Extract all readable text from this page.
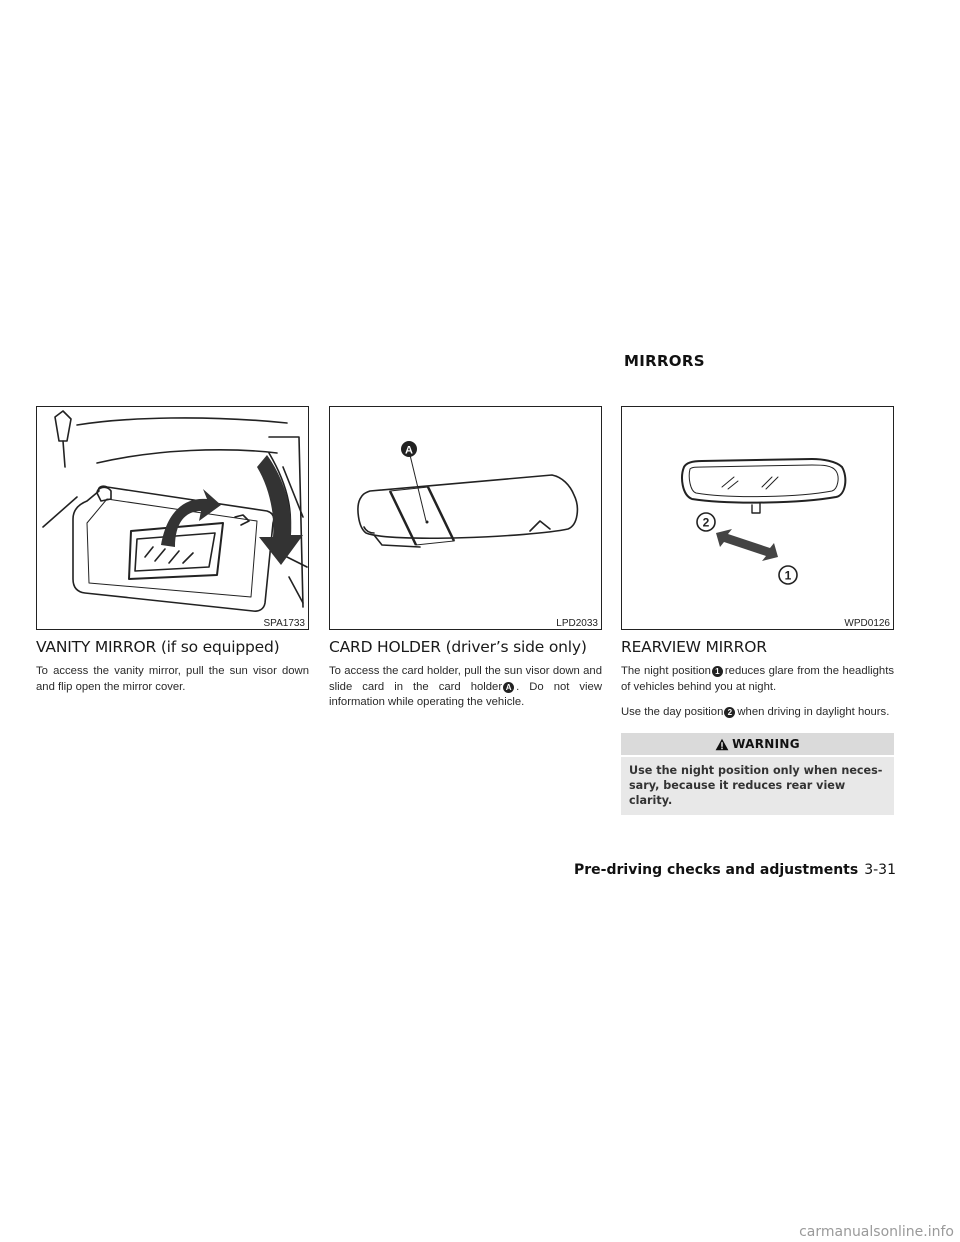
MIRRORS
SPA1733
VANITY MIRROR (if so equipped)

To access the vanity mirror, pull the sun visor down and flip open the mirror cover.

A
LPD2033
CARD HOLDER (driver’s side only)

To access the card holder, pull the sun visor down and slide card in the card holder A . Do not view information while operating the vehicle.

2
1
WPD0126
REARVIEW MIRROR

The night position 1 reduces glare from the headlights of vehicles behind you at night.

Use the day position 2 when driving in daylight hours.

WARNING
Use the night position only when neces-sary, because it reduces rear view clarity.
Pre-driving checks and adjustments 3-31
carmanualsonline.info
